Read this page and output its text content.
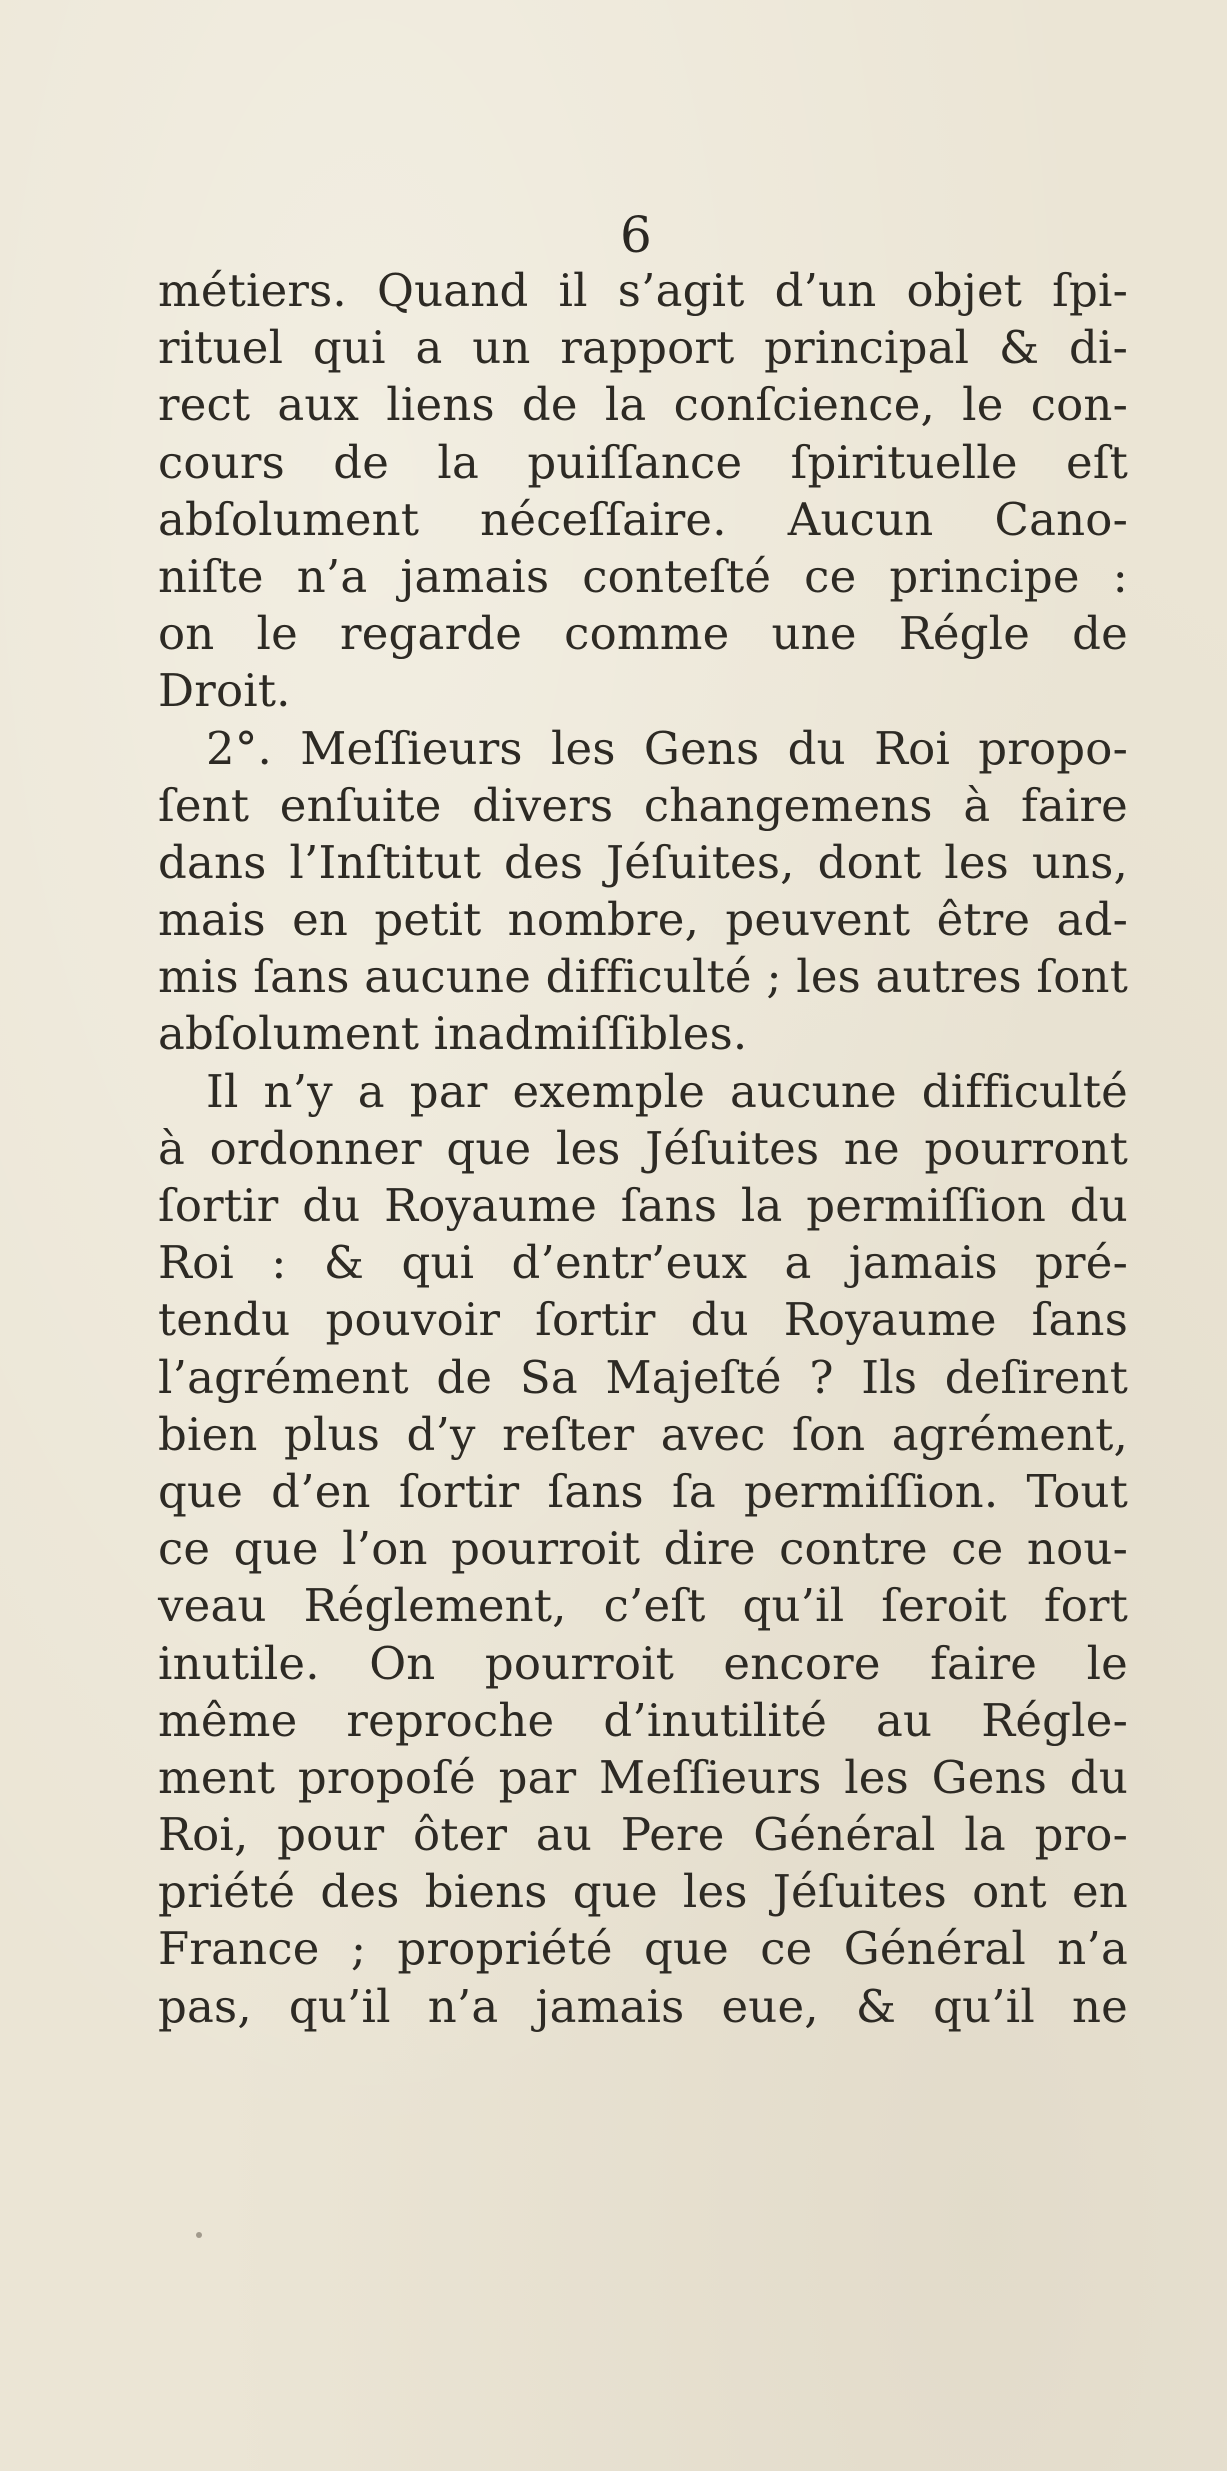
6
métiers. Quand il s’agit d’un objet ſpi-
rituel qui a un rapport principal & di-
rect aux liens de la conſcience, le con-
cours de la puiſſance ſpirituelle eſt
abſolument néceſſaire. Aucun Cano-
niſte n’a jamais conteſté ce principe :
on le regarde comme une Régle de
Droit.
2°. Meſſieurs les Gens du Roi propo-
ſent enſuite divers changemens à faire
dans l’Inſtitut des Jéſuites, dont les uns,
mais en petit nombre, peuvent être ad-
mis ſans aucune difficulté ; les autres ſont
abſolument inadmiſſibles.
Il n’y a par exemple aucune difficulté
à ordonner que les Jéſuites ne pourront
ſortir du Royaume ſans la permiſſion du
Roi : & qui d’entr’eux a jamais pré-
tendu pouvoir ſortir du Royaume ſans
l’agrément de Sa Majeſté ? Ils deſirent
bien plus d’y reſter avec ſon agrément,
que d’en ſortir ſans ſa permiſſion. Tout
ce que l’on pourroit dire contre ce nou-
veau Réglement, c’eſt qu’il ſeroit fort
inutile. On pourroit encore faire le
même reproche d’inutilité au Régle-
ment propoſé par Meſſieurs les Gens du
Roi, pour ôter au Pere Général la pro-
priété des biens que les Jéſuites ont en
France ; propriété que ce Général n’a
pas, qu’il n’a jamais eue, & qu’il ne
